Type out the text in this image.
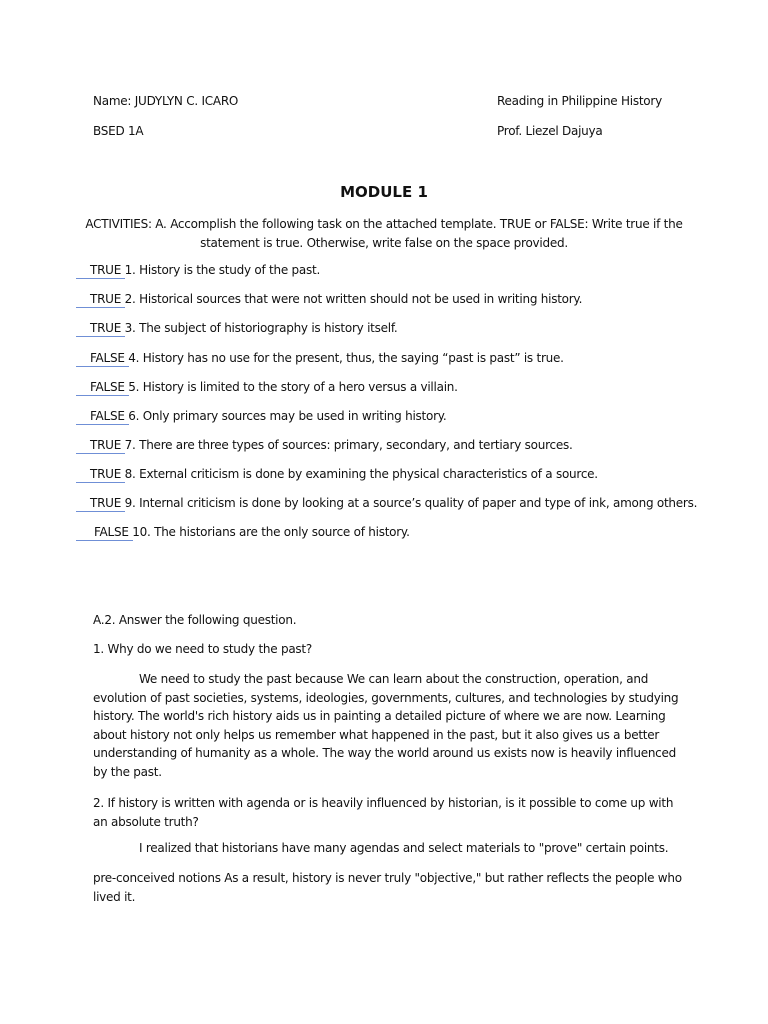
Name: JUDYLYN C. ICARO	Reading in Philippine History
BSED 1A	Prof. Liezel Dajuya
MODULE 1
ACTIVITIES: A. Accomplish the following task on the attached template. TRUE or FALSE: Write true if the statement is true. Otherwise, write false on the space provided.
TRUE 1. History is the study of the past.
TRUE 2. Historical sources that were not written should not be used in writing history.
TRUE 3. The subject of historiography is history itself.
FALSE 4. History has no use for the present, thus, the saying “past is past” is true.
FALSE 5. History is limited to the story of a hero versus a villain.
FALSE 6. Only primary sources may be used in writing history.
TRUE 7. There are three types of sources: primary, secondary, and tertiary sources.
TRUE 8. External criticism is done by examining the physical characteristics of a source.
TRUE 9. Internal criticism is done by looking at a source’s quality of paper and type of ink, among others.
FALSE 10. The historians are the only source of history.
A.2. Answer the following question.
1. Why do we need to study the past?
We need to study the past because We can learn about the construction, operation, and evolution of past societies, systems, ideologies, governments, cultures, and technologies by studying history. The world's rich history aids us in painting a detailed picture of where we are now. Learning about history not only helps us remember what happened in the past, but it also gives us a better understanding of humanity as a whole. The way the world around us exists now is heavily influenced by the past.
2. If history is written with agenda or is heavily influenced by historian, is it possible to come up with an absolute truth?
I realized that historians have many agendas and select materials to "prove" certain points.
pre-conceived notions As a result, history is never truly "objective," but rather reflects the people who lived it.
